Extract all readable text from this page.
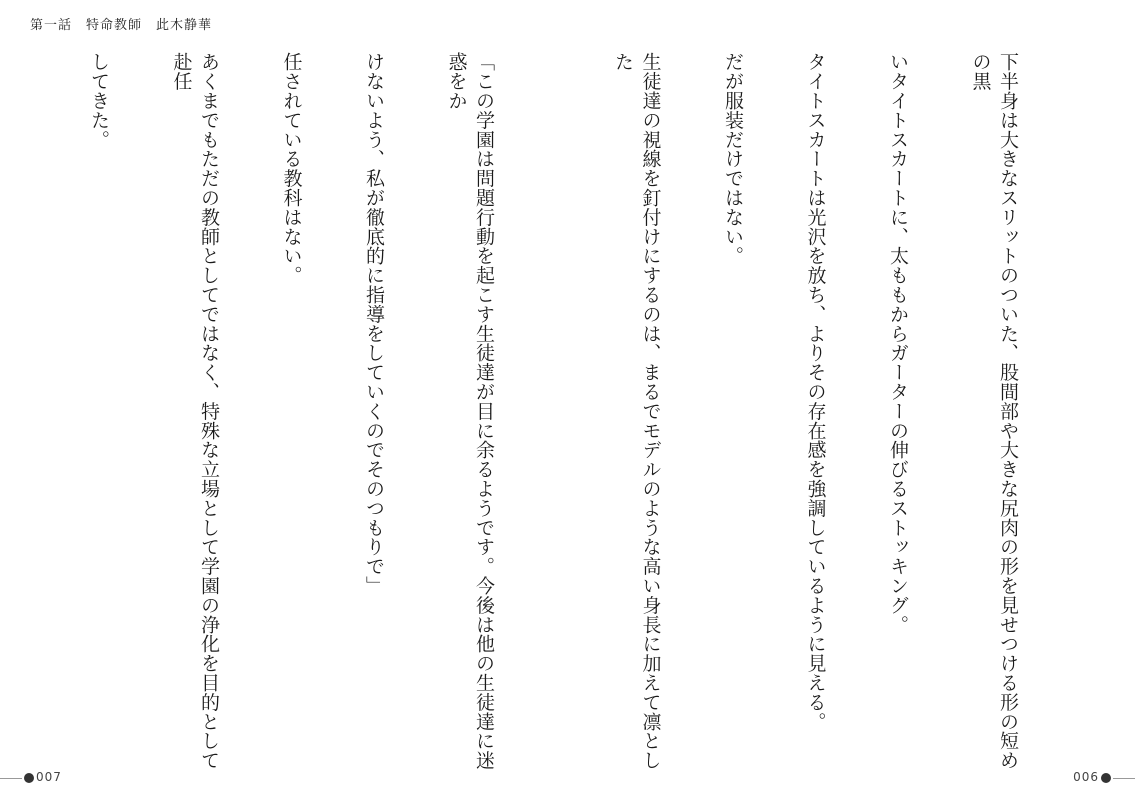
第一話　特命教師　此木静華

「この学園は問題行動を起こす生徒達が目に余るようです。今後は他の生徒達に迷惑をか

けないよう、私が徹底的に指導をしていくのでそのつもりで」

任されている教科はない。

あくまでもただの教師としてではなく、特殊な立場として学園の浄化を目的として赴任

してきた。

	下半身は大きなスリットのついた、股間部や大きな尻肉の形を見せつける形の短めの黒

いタイトスカートに、太ももからガーターの伸びるストッキング。

タイトスカートは光沢を放ち、よりその存在感を強調しているように見える。

だが服装だけではない。

生徒達の視線を釘付けにするのは、まるでモデルのような高い身長に加えて凛とした

007	006
